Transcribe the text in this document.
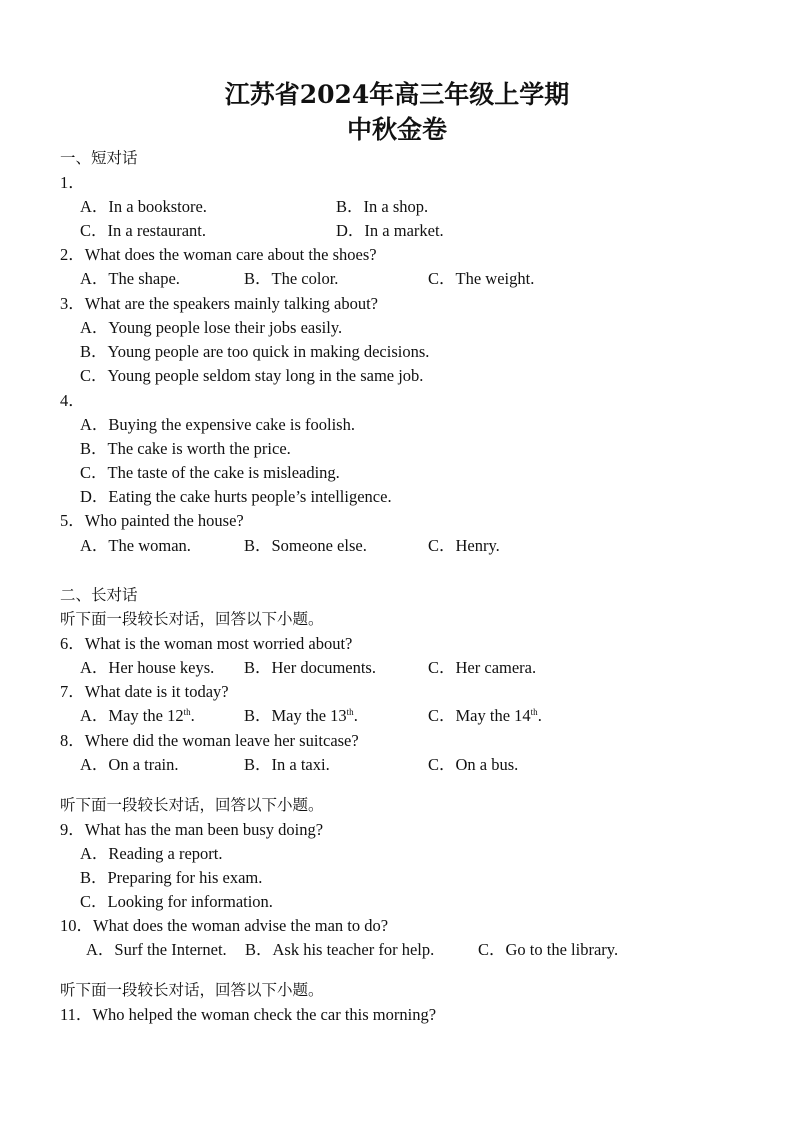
江苏省2024年高三年级上学期
中秋金卷
一、短对话
1．
A．In a bookstore.	B．In a shop.
C．In a restaurant.	D．In a market.
2．What does the woman care about the shoes?
A．The shape.	B．The color.	C．The weight.
3．What are the speakers mainly talking about?
A．Young people lose their jobs easily.
B．Young people are too quick in making decisions.
C．Young people seldom stay long in the same job.
4．
A．Buying the expensive cake is foolish.
B．The cake is worth the price.
C．The taste of the cake is misleading.
D．Eating the cake hurts people’s intelligence.
5．Who painted the house?
A．The woman.	B．Someone else.	C．Henry.
二、长对话
听下面一段较长对话，回答以下小题。
6．What is the woman most worried about?
A．Her house keys. B．Her documents.	C．Her camera.
7．What date is it today?
A．May the 12th.	B．May the 13th.	C．May the 14th.
8．Where did the woman leave her suitcase?
A．On a train.	B．In a taxi.	C．On a bus.
听下面一段较长对话，回答以下小题。
9．What has the man been busy doing?
A．Reading a report.
B．Preparing for his exam.
C．Looking for information.
10．What does the woman advise the man to do?
A．Surf the Internet. B．Ask his teacher for help.	C．Go to the library.
听下面一段较长对话，回答以下小题。
11．Who helped the woman check the car this morning?
